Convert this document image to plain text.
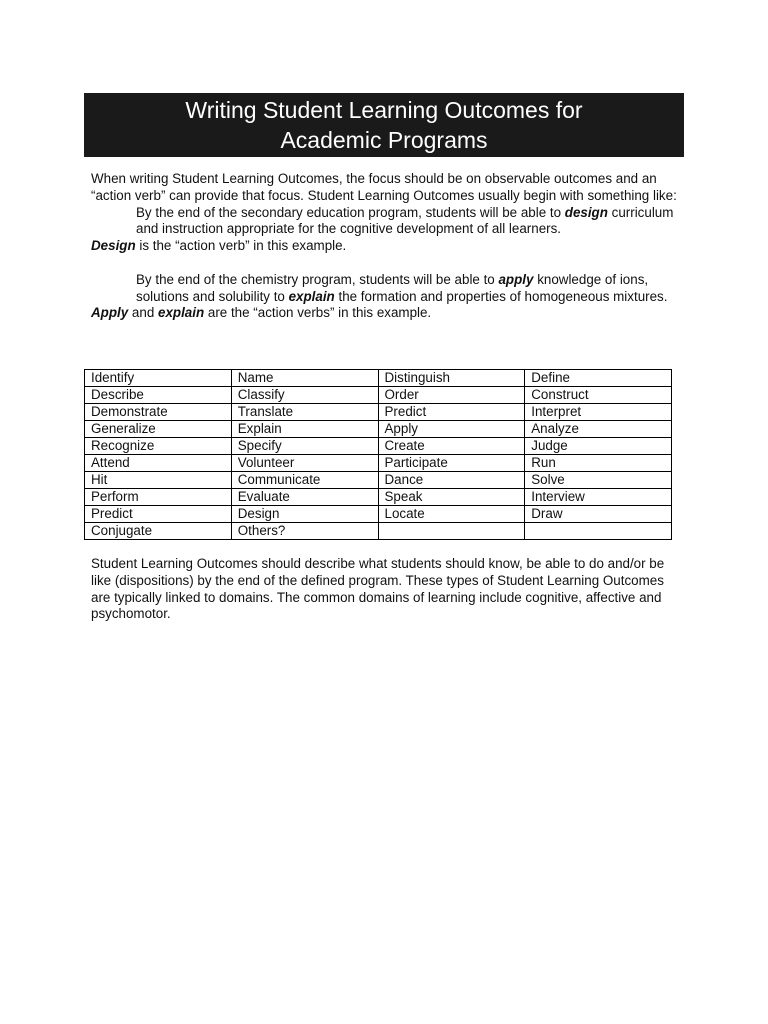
Writing Student Learning Outcomes for
Academic Programs

When writing Student Learning Outcomes, the focus should be on observable outcomes and an “action verb” can provide that focus. Student Learning Outcomes usually begin with something like:

By the end of the secondary education program, students will be able to design curriculum and instruction appropriate for the cognitive development of all learners.

Design is the “action verb” in this example.

By the end of the chemistry program, students will be able to apply knowledge of ions, solutions and solubility to explain the formation and properties of homogeneous mixtures.

Apply and explain are the “action verbs” in this example.

Identify	Name	Distinguish	Define
Describe	Classify	Order	Construct
Demonstrate	Translate	Predict	Interpret
Generalize	Explain	Apply	Analyze
Recognize	Specify	Create	Judge
Attend	Volunteer	Participate	Run
Hit	Communicate	Dance	Solve
Perform	Evaluate	Speak	Interview
Predict	Design	Locate	Draw
Conjugate	Others?		

Student Learning Outcomes should describe what students should know, be able to do and/or be like (dispositions) by the end of the defined program. These types of Student Learning Outcomes are typically linked to domains. The common domains of learning include cognitive, affective and psychomotor.
